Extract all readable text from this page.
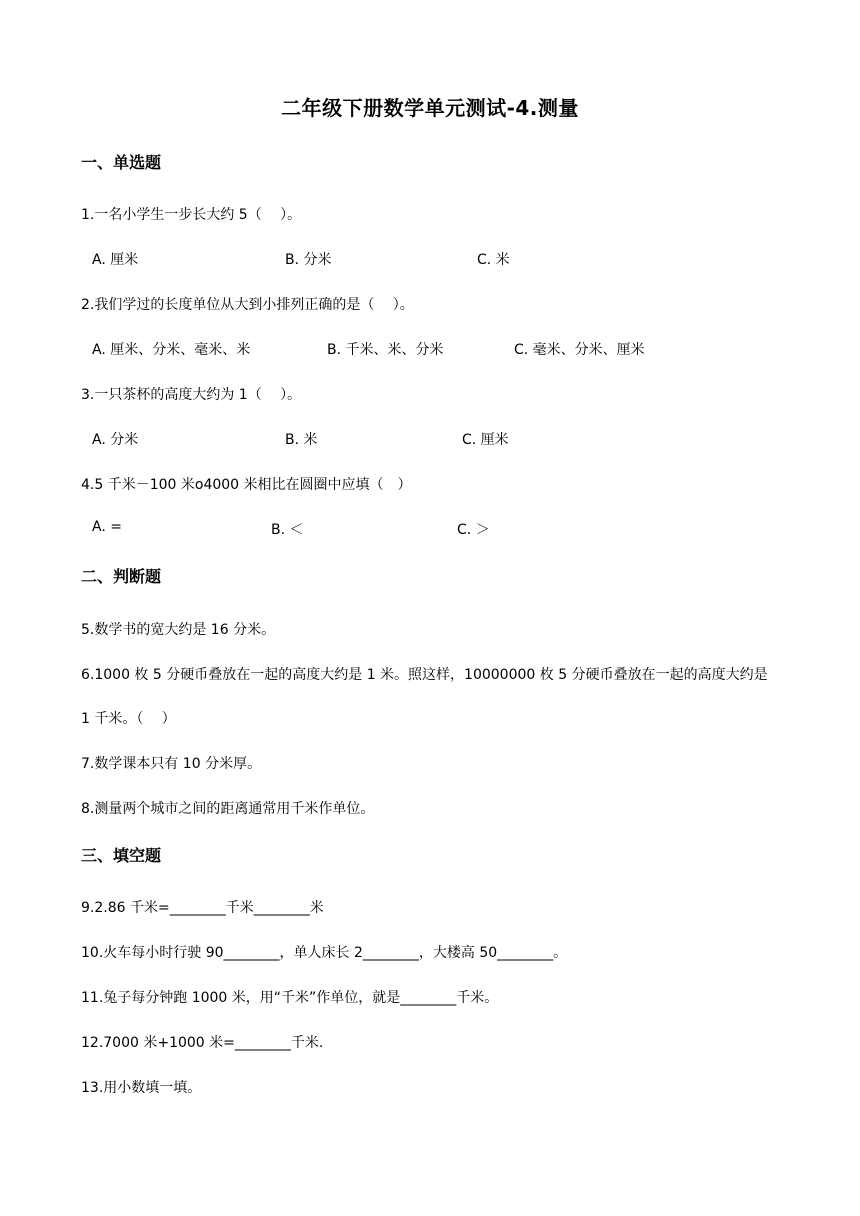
二年级下册数学单元测试-4.测量
一、单选题
1.一名小学生一步长大约 5（　 ）。
A. 厘米	B. 分米	C. 米
2.我们学过的长度单位从大到小排列正确的是（　 ）。
A. 厘米、分米、毫米、米	B. 千米、米、分米	C. 毫米、分米、厘米
3.一只茶杯的高度大约为 1（　 ）。
A. 分米	B. 米	C. 厘米
4.5 千米－100 米o4000 米相比在圆圈中应填（　）
A. =	B. ＜	C. ＞
二、判断题
5.数学书的宽大约是 16 分米。
6.1000 枚 5 分硬币叠放在一起的高度大约是 1 米。照这样，10000000 枚 5 分硬币叠放在一起的高度大约是
1 千米。（　 ）
7.数学课本只有 10 分米厚。
8.测量两个城市之间的距离通常用千米作单位。
三、填空题
9.2.86 千米=________千米________米
10.火车每小时行驶 90________，单人床长 2________，大楼高 50________。
11.兔子每分钟跑 1000 米，用“千米”作单位，就是________千米。
12.7000 米+1000 米=________千米.
13.用小数填一填。
